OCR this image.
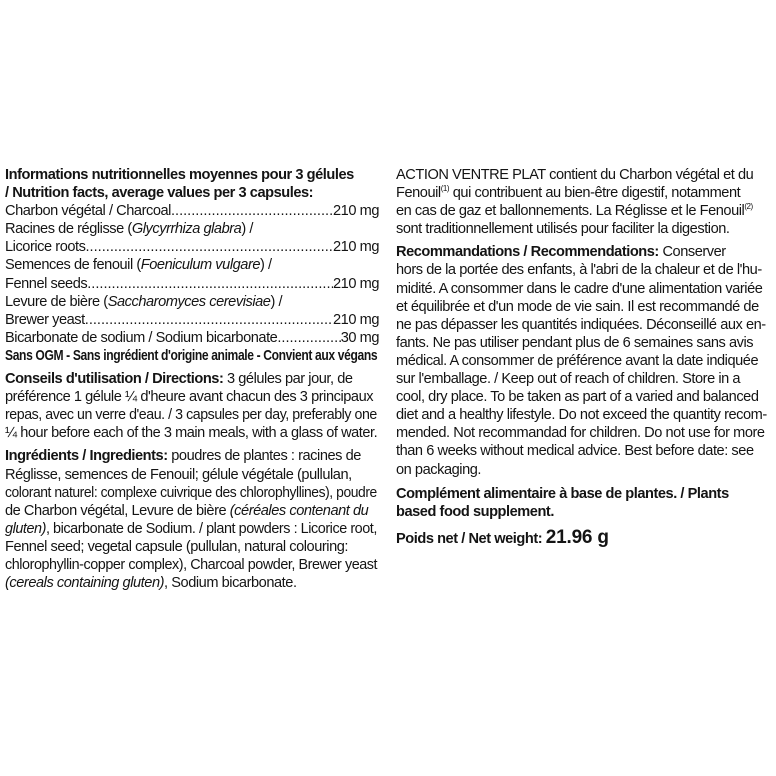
Informations nutritionnelles moyennes pour 3 gélules
/ Nutrition facts, average values per 3 capsules:
Charbon végétal / Charcoal .....	210 mg
Racines de réglisse (Glycyrrhiza glabra) /
Licorice roots .....	210 mg
Semences de fenouil (Foeniculum vulgare) /
Fennel seeds .....	210 mg
Levure de bière (Saccharomyces cerevisiae) /
Brewer yeast .....	210 mg
Bicarbonate de sodium / Sodium bicarbonate .....	30 mg
Sans OGM - Sans ingrédient d'origine animale - Convient aux végans
Conseils d'utilisation / Directions: 3 gélules par jour, de
préférence 1 gélule ¼ d'heure avant chacun des 3 principaux
repas, avec un verre d'eau. / 3 capsules per day, preferably one
¼ hour before each of the 3 main meals, with a glass of water.
Ingrédients / Ingredients: poudres de plantes : racines de
Réglisse, semences de Fenouil; gélule végétale (pullulan,
colorant naturel: complexe cuivrique des chlorophyllines), poudre
de Charbon végétal, Levure de bière (céréales contenant du
gluten), bicarbonate de Sodium. / plant powders : Licorice root,
Fennel seed; vegetal capsule (pullulan, natural colouring:
chlorophyllin-copper complex), Charcoal powder, Brewer yeast
(cereals containing gluten), Sodium bicarbonate.
ACTION VENTRE PLAT contient du Charbon végétal et du
Fenouil$^{(1)}$ qui contribuent au bien-être digestif, notamment
en cas de gaz et ballonnements. La Réglisse et le Fenouil$^{(2)}$
sont traditionnellement utilisés pour faciliter la digestion.
Recommandations / Recommendations: Conserver
hors de la portée des enfants, à l'abri de la chaleur et de l'hu-
midité. A consommer dans le cadre d'une alimentation variée
et équilibrée et d'un mode de vie sain. Il est recommandé de
ne pas dépasser les quantités indiquées. Déconseillé aux en-
fants. Ne pas utiliser pendant plus de 6 semaines sans avis
médical. A consommer de préférence avant la date indiquée
sur l'emballage. / Keep out of reach of children. Store in a
cool, dry place. To be taken as part of a varied and balanced
diet and a healthy lifestyle. Do not exceed the quantity recom-
mended. Not recommandad for children. Do not use for more
than 6 weeks without medical advice. Best before date: see
on packaging.
Complément alimentaire à base de plantes. / Plants
based food supplement.
Poids net / Net weight: 21.96 g
